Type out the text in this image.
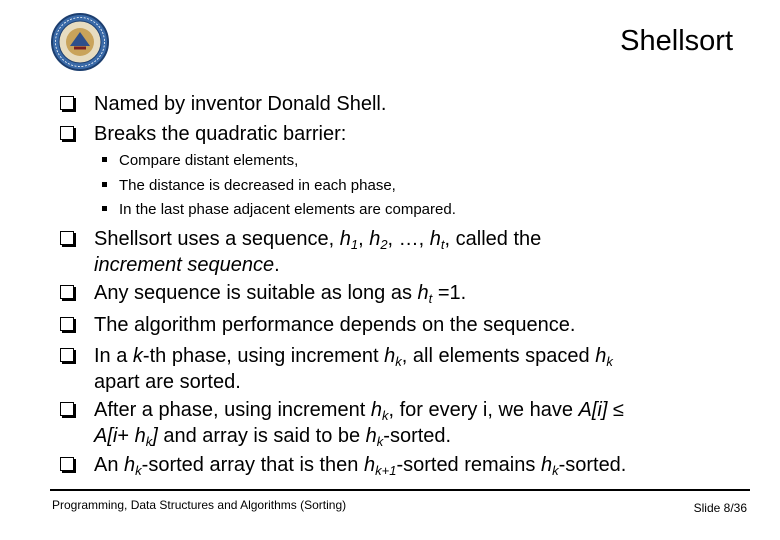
Shellsort
Named by inventor Donald Shell.
Breaks the quadratic barrier:
Compare distant elements,
The distance is decreased in each phase,
In the last phase adjacent elements are compared.
Shellsort uses a sequence, $h_1$, $h_2$, …, $h_t$, called the
increment sequence.
Any sequence is suitable as long as $h_t =1$.
The algorithm performance depends on the sequence.
In a k-th phase, using increment $h_k$, all elements spaced $h_k$
apart are sorted.
After a phase, using increment $h_k$, for every i, we have A[i] ≤
$A[i+ h_k]$ and array is said to be $h_k$-sorted.
An $h_k$-sorted array that is then $h_{k+1}$-sorted remains $h_k$-sorted.
Programming, Data Structures and Algorithms (Sorting)	Slide 8/36
